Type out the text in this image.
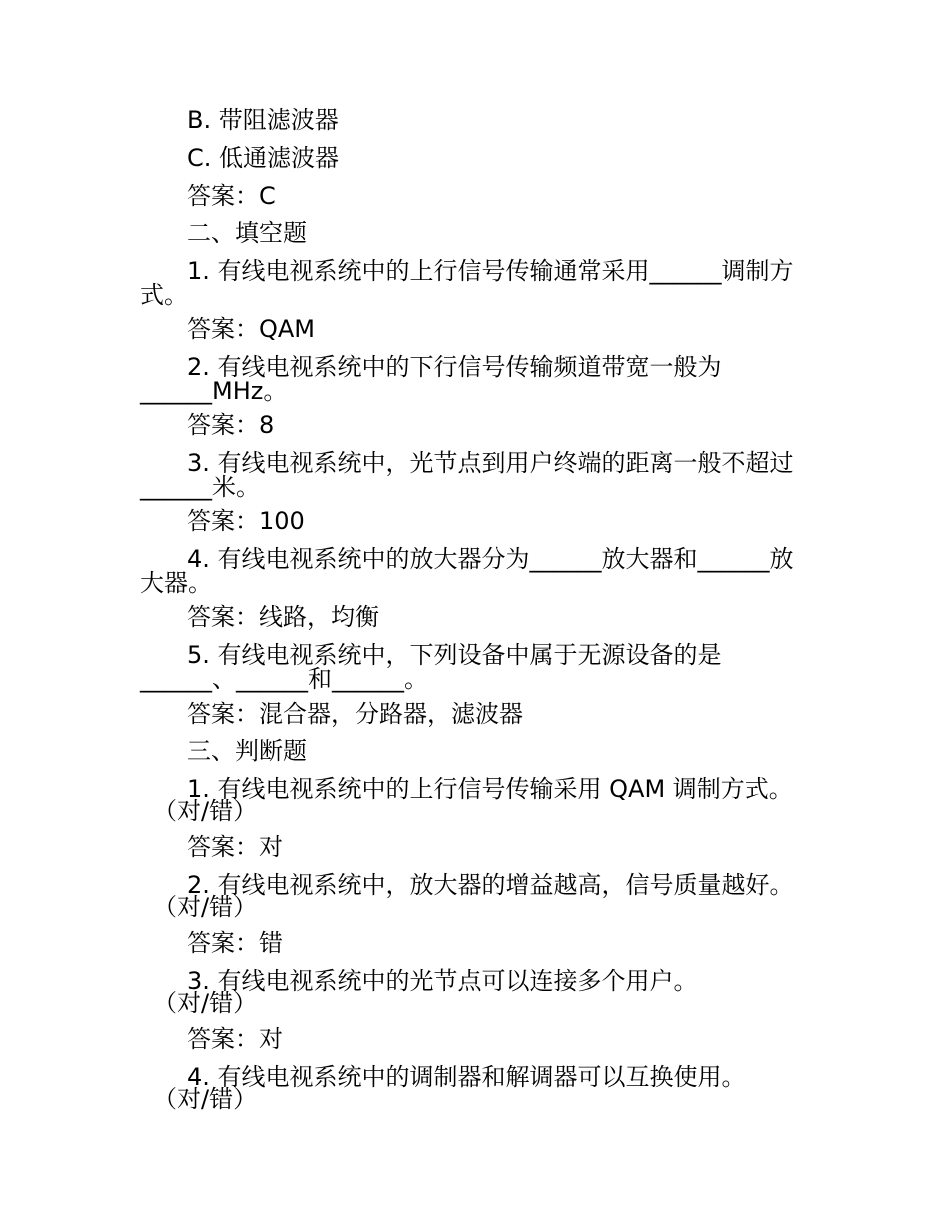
B. 带阻滤波器
C. 低通滤波器
答案：C
二、填空题
1. 有线电视系统中的上行信号传输通常采用______调制方
式。
答案：QAM
2. 有线电视系统中的下行信号传输频道带宽一般为
______MHz。
答案：8
3. 有线电视系统中，光节点到用户终端的距离一般不超过
______米。
答案：100
4. 有线电视系统中的放大器分为______放大器和______放
大器。
答案：线路，均衡
5. 有线电视系统中，下列设备中属于无源设备的是
______、______和______。
答案：混合器，分路器，滤波器
三、判断题
1. 有线电视系统中的上行信号传输采用 QAM 调制方式。
（对/错）
答案：对
2. 有线电视系统中，放大器的增益越高，信号质量越好。
（对/错）
答案：错
3. 有线电视系统中的光节点可以连接多个用户。
（对/错）
答案：对
4. 有线电视系统中的调制器和解调器可以互换使用。
（对/错）
